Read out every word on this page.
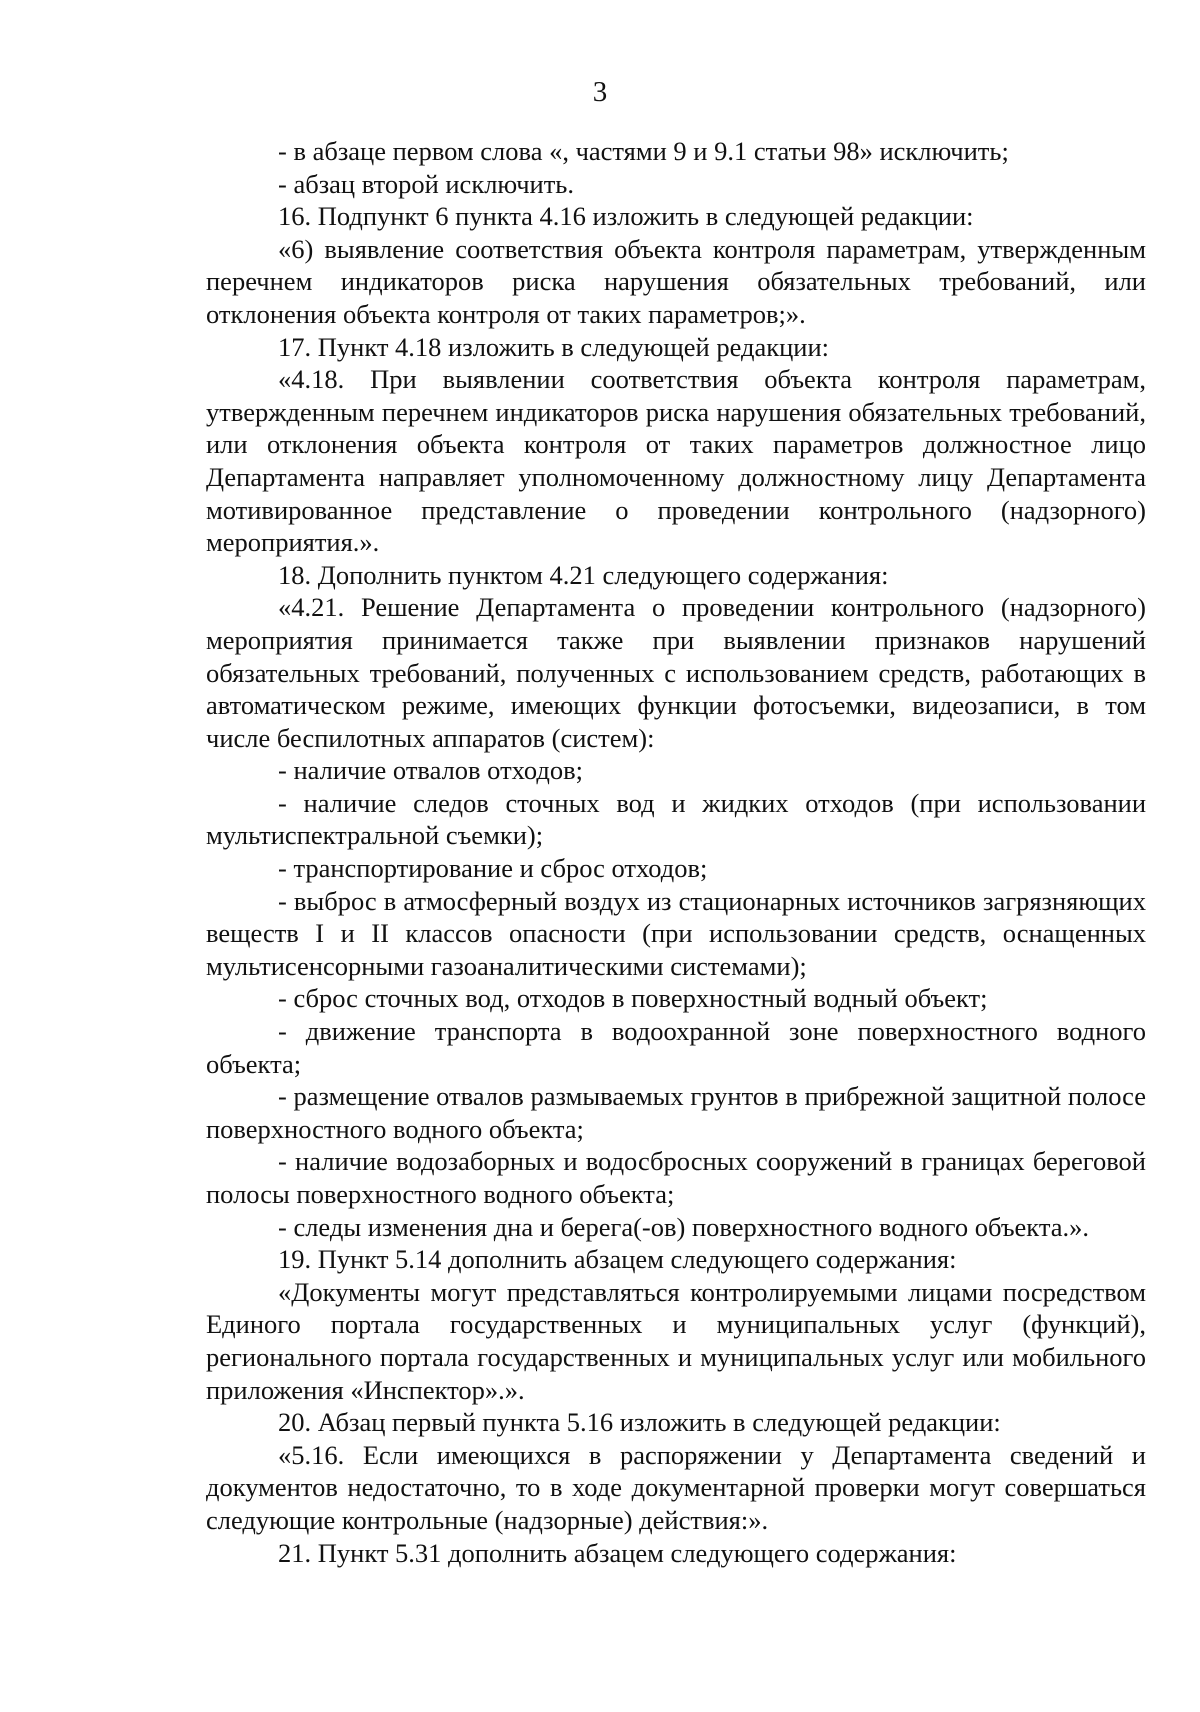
3

- в абзаце первом слова «, частями 9 и 9.1 статьи 98» исключить;

- абзац второй исключить.

16. Подпункт 6 пункта 4.16 изложить в следующей редакции:

«6) выявление соответствия объекта контроля параметрам, утвержденным перечнем индикаторов риска нарушения обязательных требований, или отклонения объекта контроля от таких параметров;».

17. Пункт 4.18 изложить в следующей редакции:

«4.18. При выявлении соответствия объекта контроля параметрам, утвержденным перечнем индикаторов риска нарушения обязательных требований, или отклонения объекта контроля от таких параметров должностное лицо Департамента направляет уполномоченному должностному лицу Департамента мотивированное представление о проведении контрольного (надзорного) мероприятия.».

18. Дополнить пунктом 4.21 следующего содержания:

«4.21. Решение Департамента о проведении контрольного (надзорного) мероприятия принимается также при выявлении признаков нарушений обязательных требований, полученных с использованием средств, работающих в автоматическом режиме, имеющих функции фотосъемки, видеозаписи, в том числе беспилотных аппаратов (систем):

- наличие отвалов отходов;

- наличие следов сточных вод и жидких отходов (при использовании мультиспектральной съемки);

- транспортирование и сброс отходов;

- выброс в атмосферный воздух из стационарных источников загрязняющих веществ I и II классов опасности (при использовании средств, оснащенных мультисенсорными газоаналитическими системами);

- сброс сточных вод, отходов в поверхностный водный объект;

- движение транспорта в водоохранной зоне поверхностного водного объекта;

- размещение отвалов размываемых грунтов в прибрежной защитной полосе поверхностного водного объекта;

- наличие водозаборных и водосбросных сооружений в границах береговой полосы поверхностного водного объекта;

- следы изменения дна и берега(-ов) поверхностного водного объекта.».

19. Пункт 5.14 дополнить абзацем следующего содержания:

«Документы могут представляться контролируемыми лицами посредством Единого портала государственных и муниципальных услуг (функций), регионального портала государственных и муниципальных услуг или мобильного приложения «Инспектор».».

20. Абзац первый пункта 5.16 изложить в следующей редакции:

«5.16. Если имеющихся в распоряжении у Департамента сведений и документов недостаточно, то в ходе документарной проверки могут совершаться следующие контрольные (надзорные) действия:».

21. Пункт 5.31 дополнить абзацем следующего содержания:
